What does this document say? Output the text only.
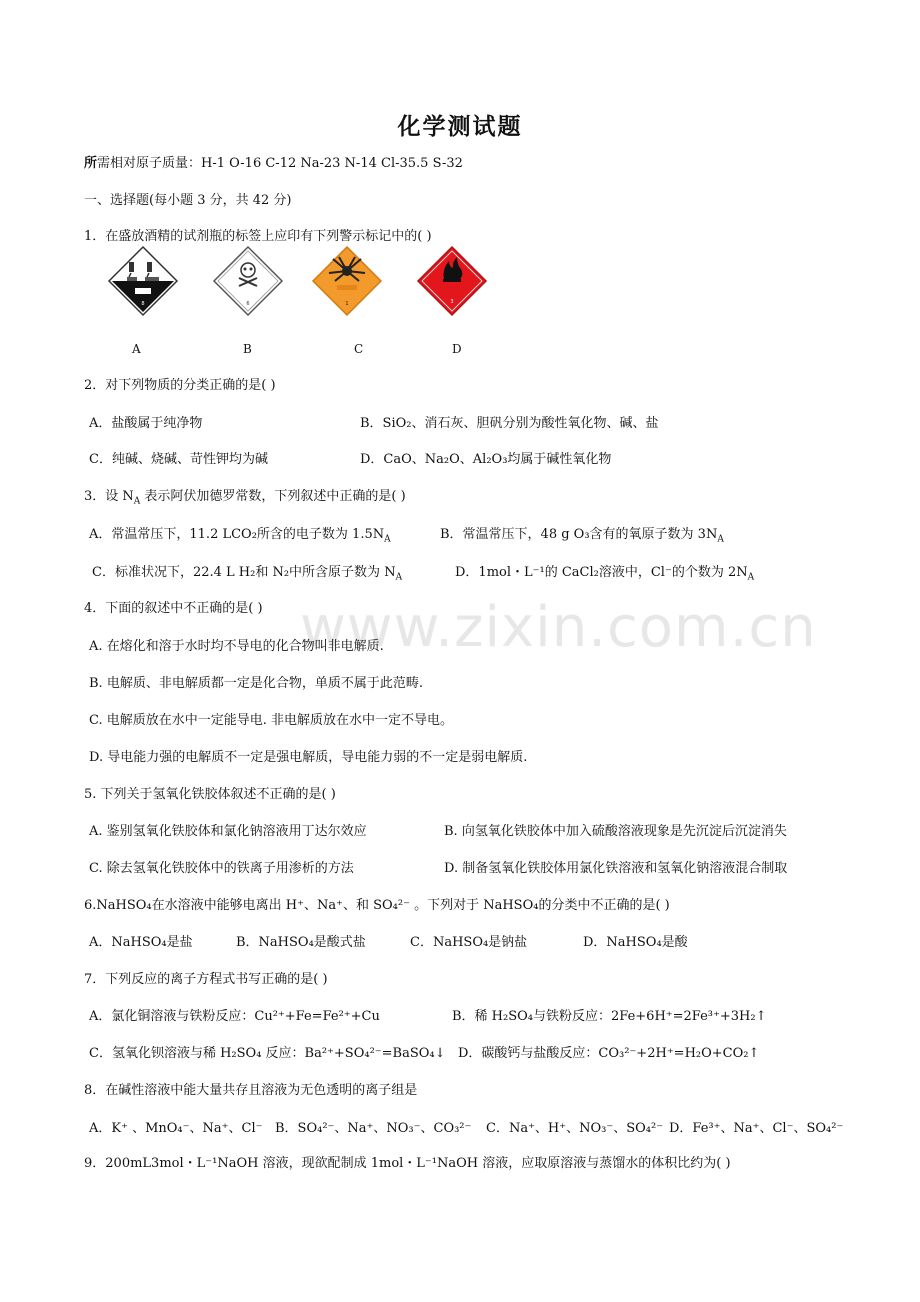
化学测试题
所需相对原子质量：H-1 O-16 C-12 Na-23 N-14 Cl-35.5 S-32
一、选择题(每小题 3 分，共 42 分)
1．在盛放酒精的试剂瓶的标签上应印有下列警示标记中的( )
8	6	1	3
A	B	C	D
2．对下列物质的分类正确的是( )
A．盐酸属于纯净物	B．SiO₂、消石灰、胆矾分别为酸性氧化物、碱、盐
C．纯碱、烧碱、苛性钾均为碱	D．CaO、Na₂O、Al₂O₃均属于碱性氧化物
3．设 $N_A$ 表示阿伏加德罗常数，下列叙述中正确的是( )
A．常温常压下，11.2 LCO₂所含的电子数为 $1.5N_A$	B．常温常压下，48 g O₃含有的氧原子数为 $3N_A$
C．标准状况下，22.4 L H₂和 N₂中所含原子数为 $N_A$	D．1mol・L⁻¹的 CaCl₂溶液中，Cl⁻的个数为 $2N_A$
www.zixin.com.cn
4．下面的叙述中不正确的是( )
A. 在熔化和溶于水时均不导电的化合物叫非电解质.
B. 电解质、非电解质都一定是化合物，单质不属于此范畴.
C. 电解质放在水中一定能导电. 非电解质放在水中一定不导电。
D. 导电能力强的电解质不一定是强电解质，导电能力弱的不一定是弱电解质.
5. 下列关于氢氧化铁胶体叙述不正确的是( )
A. 鉴别氢氧化铁胶体和氯化钠溶液用丁达尔效应	B. 向氢氧化铁胶体中加入硫酸溶液现象是先沉淀后沉淀消失
C. 除去氢氧化铁胶体中的铁离子用渗析的方法	D. 制备氢氧化铁胶体用氯化铁溶液和氢氧化钠溶液混合制取
6.NaHSO₄在水溶液中能够电离出 H⁺、Na⁺、和 SO₄²⁻ 。下列对于 NaHSO₄的分类中不正确的是( )
A．NaHSO₄是盐	B．NaHSO₄是酸式盐	C．NaHSO₄是钠盐	D．NaHSO₄是酸
7．下列反应的离子方程式书写正确的是( )
A．氯化铜溶液与铁粉反应：Cu²⁺+Fe=Fe²⁺+Cu	B．稀 H₂SO₄与铁粉反应：2Fe+6H⁺=2Fe³⁺+3H₂↑
C．氢氧化钡溶液与稀 H₂SO₄ 反应：Ba²⁺+SO₄²⁻=BaSO₄↓ D．碳酸钙与盐酸反应：CO₃²⁻+2H⁺=H₂O+CO₂↑
8．在碱性溶液中能大量共存且溶液为无色透明的离子组是
A．K⁺ 、MnO₄⁻、Na⁺、Cl⁻ B．SO₄²⁻、Na⁺、NO₃⁻、CO₃²⁻ C．Na⁺、H⁺、NO₃⁻、SO₄²⁻ D．Fe³⁺、Na⁺、Cl⁻、SO₄²⁻
9．200mL3mol・L⁻¹NaOH 溶液，现欲配制成 1mol・L⁻¹NaOH 溶液，应取原溶液与蒸馏水的体积比约为( )
